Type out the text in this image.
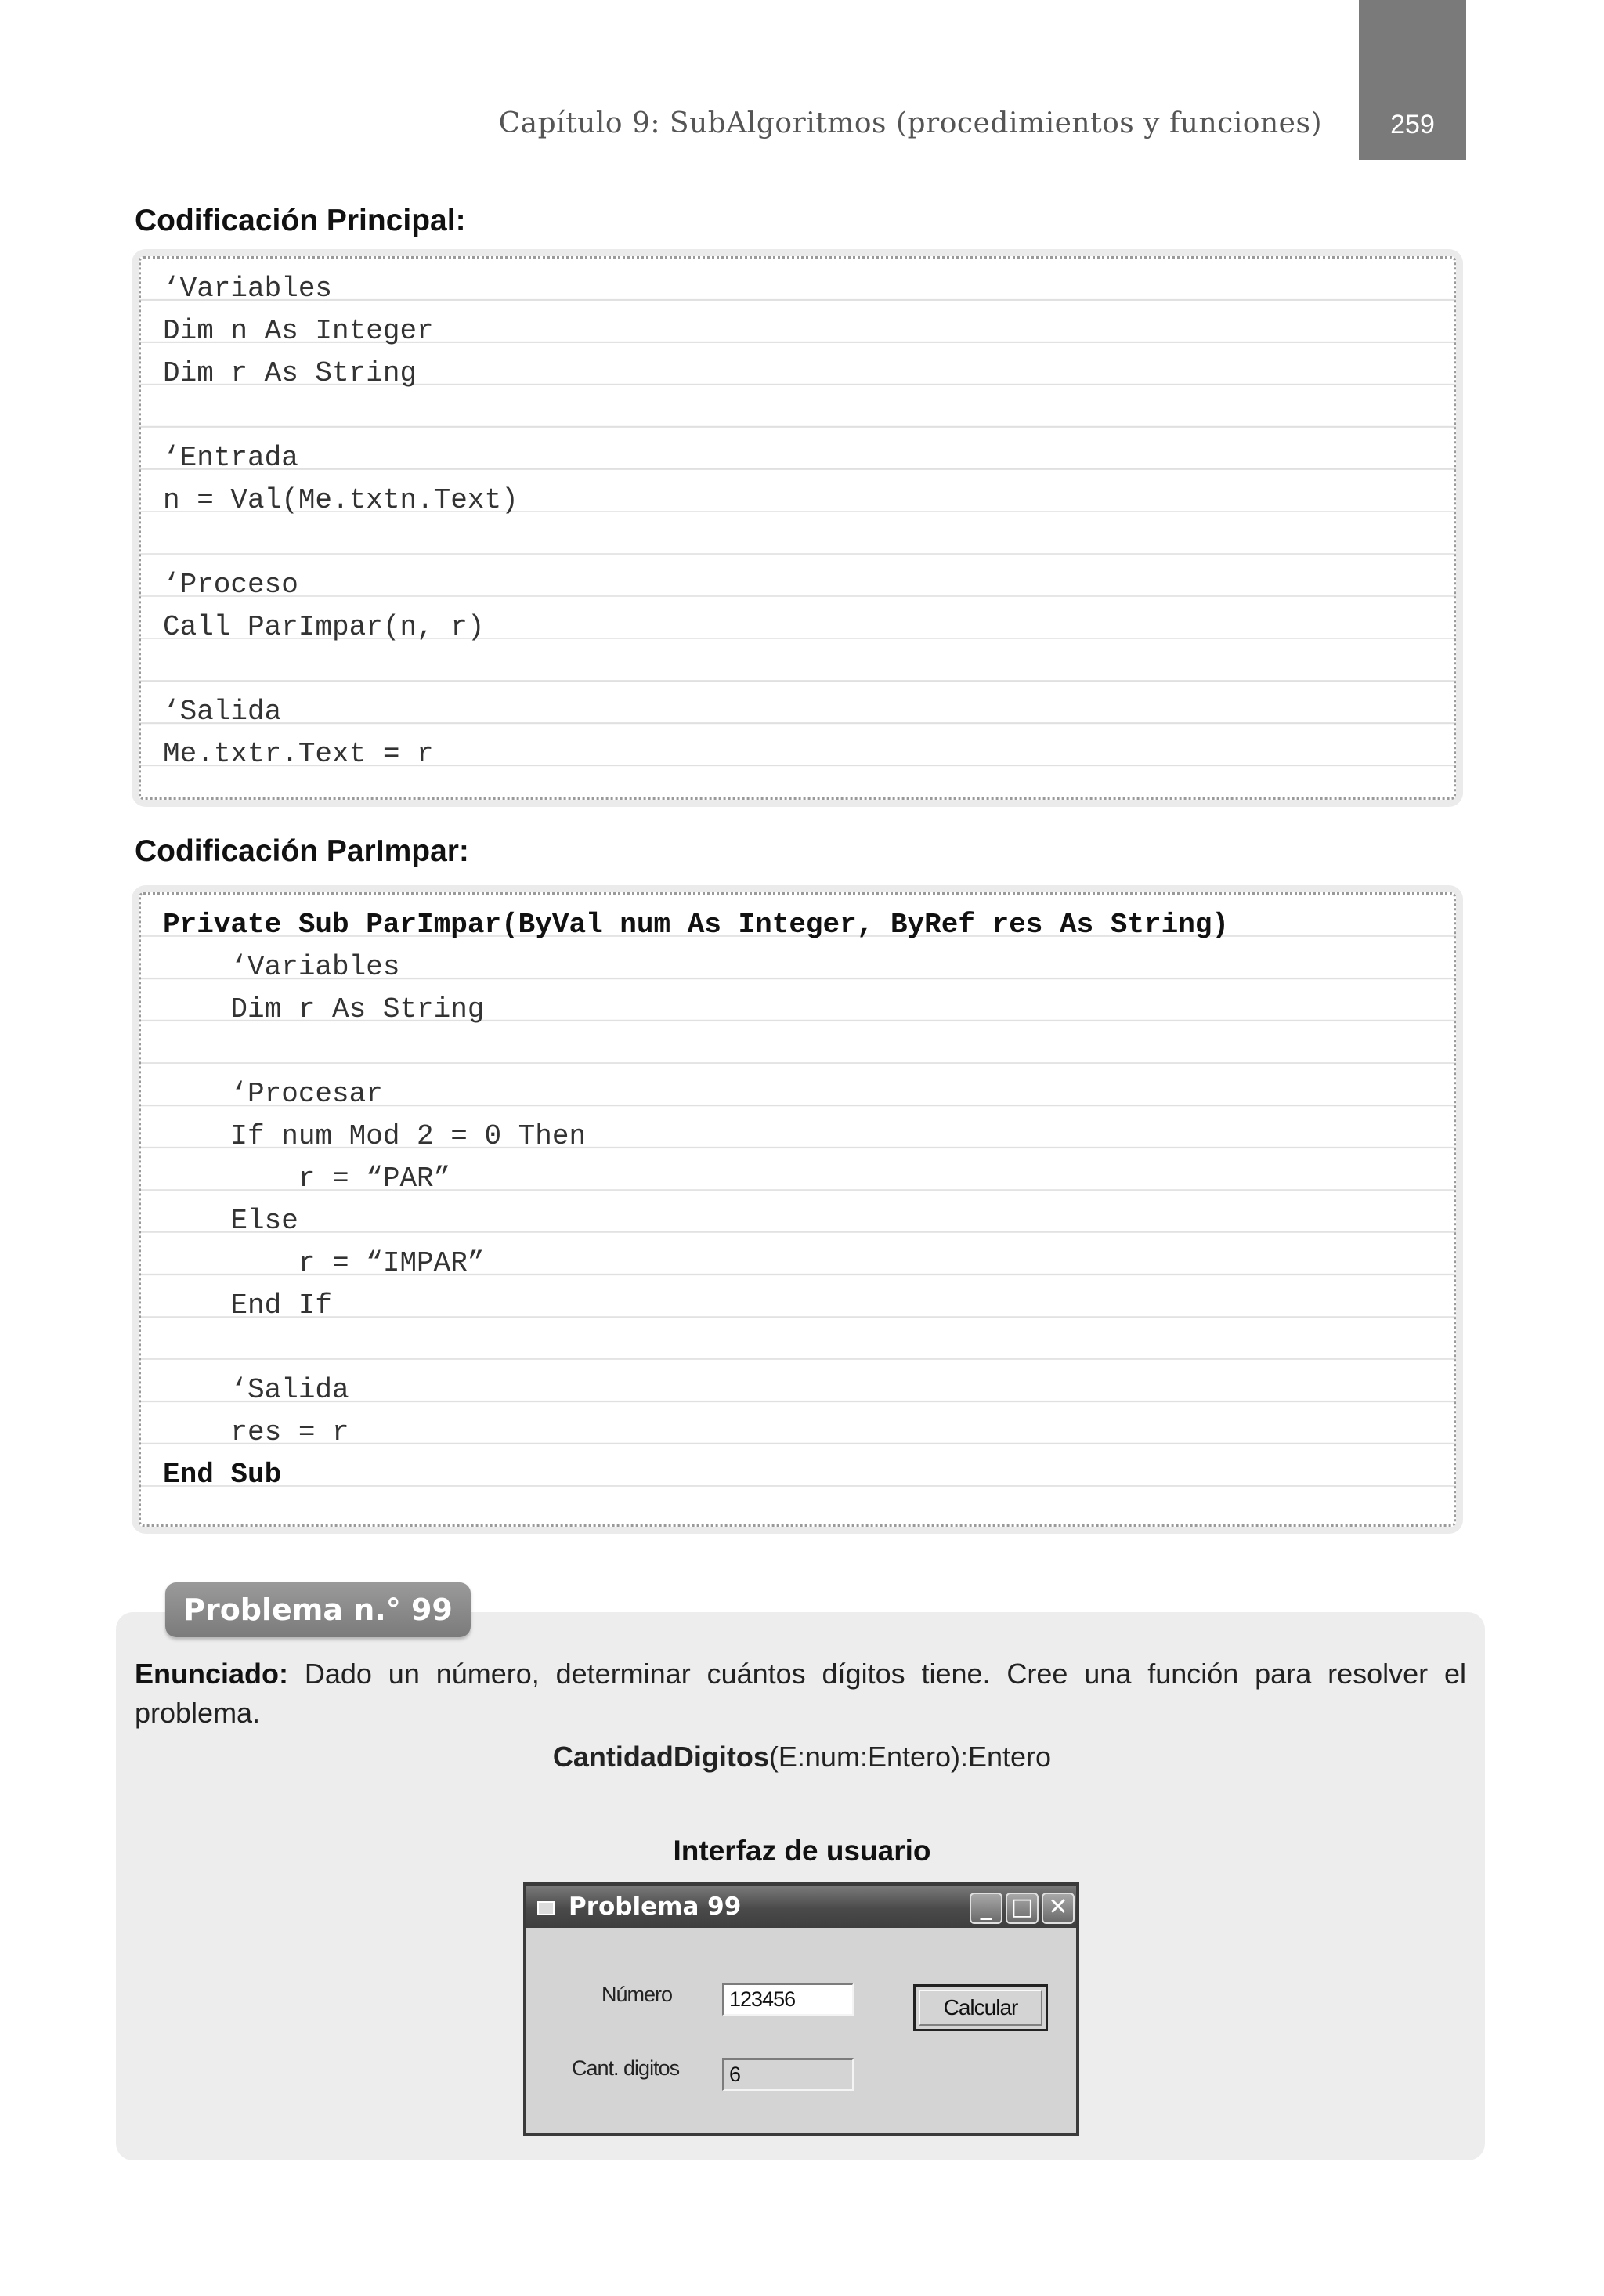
259
Capítulo 9: SubAlgoritmos (procedimientos y funciones)
Codificación Principal:
‘Variables
Dim n As Integer
Dim r As String
‘Entrada
n = Val(Me.txtn.Text)
‘Proceso
Call ParImpar(n, r)
‘Salida
Me.txtr.Text = r
Codificación ParImpar:
Private Sub ParImpar(ByVal num As Integer, ByRef res As String)
‘Variables
Dim r As String
‘Procesar
If num Mod 2 = 0 Then
r = “PAR”
Else
r = “IMPAR”
End If
‘Salida
res = r
End Sub
Problema n.° 99
Enunciado: Dado un número, determinar cuántos dígitos tiene. Cree una función para resolver el problema.
CantidadDigitos(E:num:Entero):Entero
Interfaz de usuario
Problema 99	_ □ ✕
Número	123456	Calcular
Cant. digitos	6
